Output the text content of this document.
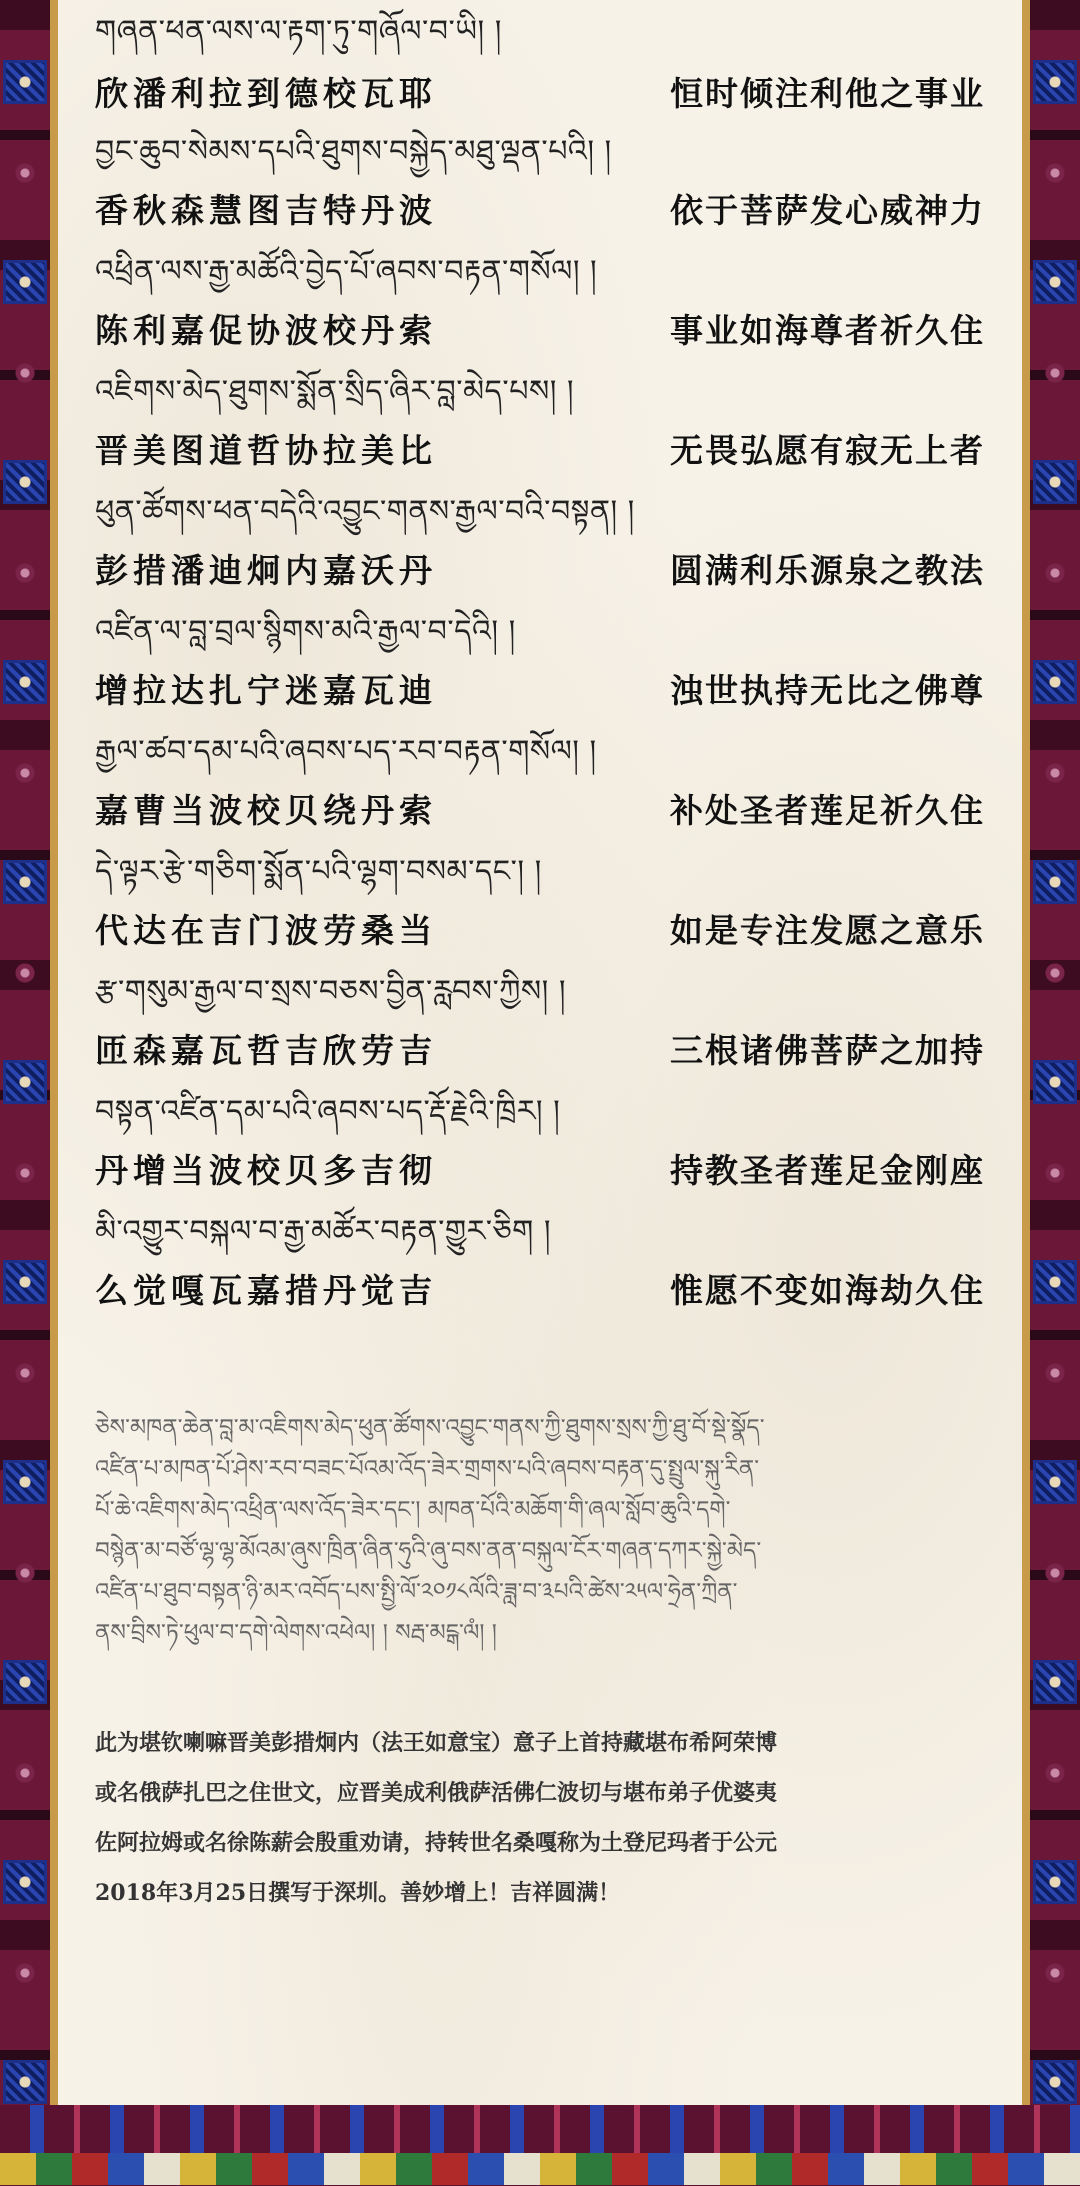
གཞན་ཕན་ལས་ལ་རྟག་ཏུ་གཞོལ་བ་ཡི། །
欣潘利拉到德校瓦耶	恒时倾注利他之事业
བྱང་ཆུབ་སེམས་དཔའི་ཐུགས་བསྐྱེད་མཐུ་ལྡན་པའི། །
香秋森慧图吉特丹波	依于菩萨发心威神力
འཕྲིན་ལས་རྒྱ་མཚོའི་བྱེད་པོ་ཞབས་བརྟན་གསོལ། །
陈利嘉促协波校丹索	事业如海尊者祈久住
འཇིགས་མེད་ཐུགས་སྨོན་སྲིད་ཞིར་བླ་མེད་པས། །
晋美图道哲协拉美比	无畏弘愿有寂无上者
ཕུན་ཚོགས་ཕན་བདེའི་འབྱུང་གནས་རྒྱལ་བའི་བསྟན། །
彭措潘迪炯内嘉沃丹	圆满利乐源泉之教法
འཛིན་ལ་བླ་བྲལ་སྙིགས་མའི་རྒྱལ་བ་དེའི། །
增拉达扎宁迷嘉瓦迪	浊世执持无比之佛尊
རྒྱལ་ཚབ་དམ་པའི་ཞབས་པད་རབ་བརྟན་གསོལ། །
嘉曹当波校贝绕丹索	补处圣者莲足祈久住
དེ་ལྟར་རྩེ་གཅིག་སྨོན་པའི་ལྷག་བསམ་དང་། །
代达在吉门波劳桑当	如是专注发愿之意乐
རྩ་གསུམ་རྒྱལ་བ་སྲས་བཅས་བྱིན་རླབས་ཀྱིས། །
匝森嘉瓦哲吉欣劳吉	三根诸佛菩萨之加持
བསྟན་འཛིན་དམ་པའི་ཞབས་པད་རྡོ་རྗེའི་ཁྲིར། །
丹增当波校贝多吉彻	持教圣者莲足金刚座
མི་འགྱུར་བསྐལ་བ་རྒྱ་མཚོར་བརྟན་གྱུར་ཅིག །
么觉嘎瓦嘉措丹觉吉	惟愿不变如海劫久住
ཅེས་མཁན་ཆེན་བླ་མ་འཇིགས་མེད་ཕུན་ཚོགས་འབྱུང་གནས་ཀྱི་ཐུགས་སྲས་ཀྱི་ཐུ་བོ་སྡེ་སྣོད་
འཛིན་པ་མཁན་པོ་ཤེས་རབ་བཟང་པོའམ་འོད་ཟེར་གྲགས་པའི་ཞབས་བརྟན་དུ་སྤྲུལ་སྐུ་རིན་
པོ་ཆེ་འཇིགས་མེད་འཕྲིན་ལས་འོད་ཟེར་དང་། མཁན་པོའི་མཆོག་གི་ཞལ་སློབ་ཆུའི་དགེ་
བསྙེན་མ་བཙོ་ལྷ་ལྷ་མོའམ་ཞུས་ཁྲིན་ཞིན་ཧུའི་ཞུ་བས་ནན་བསྐུལ་ངོར་གཞན་དཀར་སྐྱེ་མེད་
འཛིན་པ་ཐུབ་བསྟན་ཉི་མར་འབོད་པས་སྤྱི་ལོ་༢༠༡༨ལོའི་ཟླ་བ་༣པའི་ཚེས་༢༥ལ་ཧྲེན་ཀྲིན་
ནས་བྲིས་ཏེ་ཕུལ་བ་དགེ་ལེགས་འཕེལ། ། སརྦ་མངྒ་ལཾ། །
此为堪钦喇嘛晋美彭措炯内（法王如意宝）意子上首持藏堪布希阿荣博
或名俄萨扎巴之住世文，应晋美成利俄萨活佛仁波切与堪布弟子优婆夷
佐阿拉姆或名徐陈薪会殷重劝请，持转世名桑嘎称为土登尼玛者于公元
2018年3月25日撰写于深圳。善妙增上！吉祥圆满！
